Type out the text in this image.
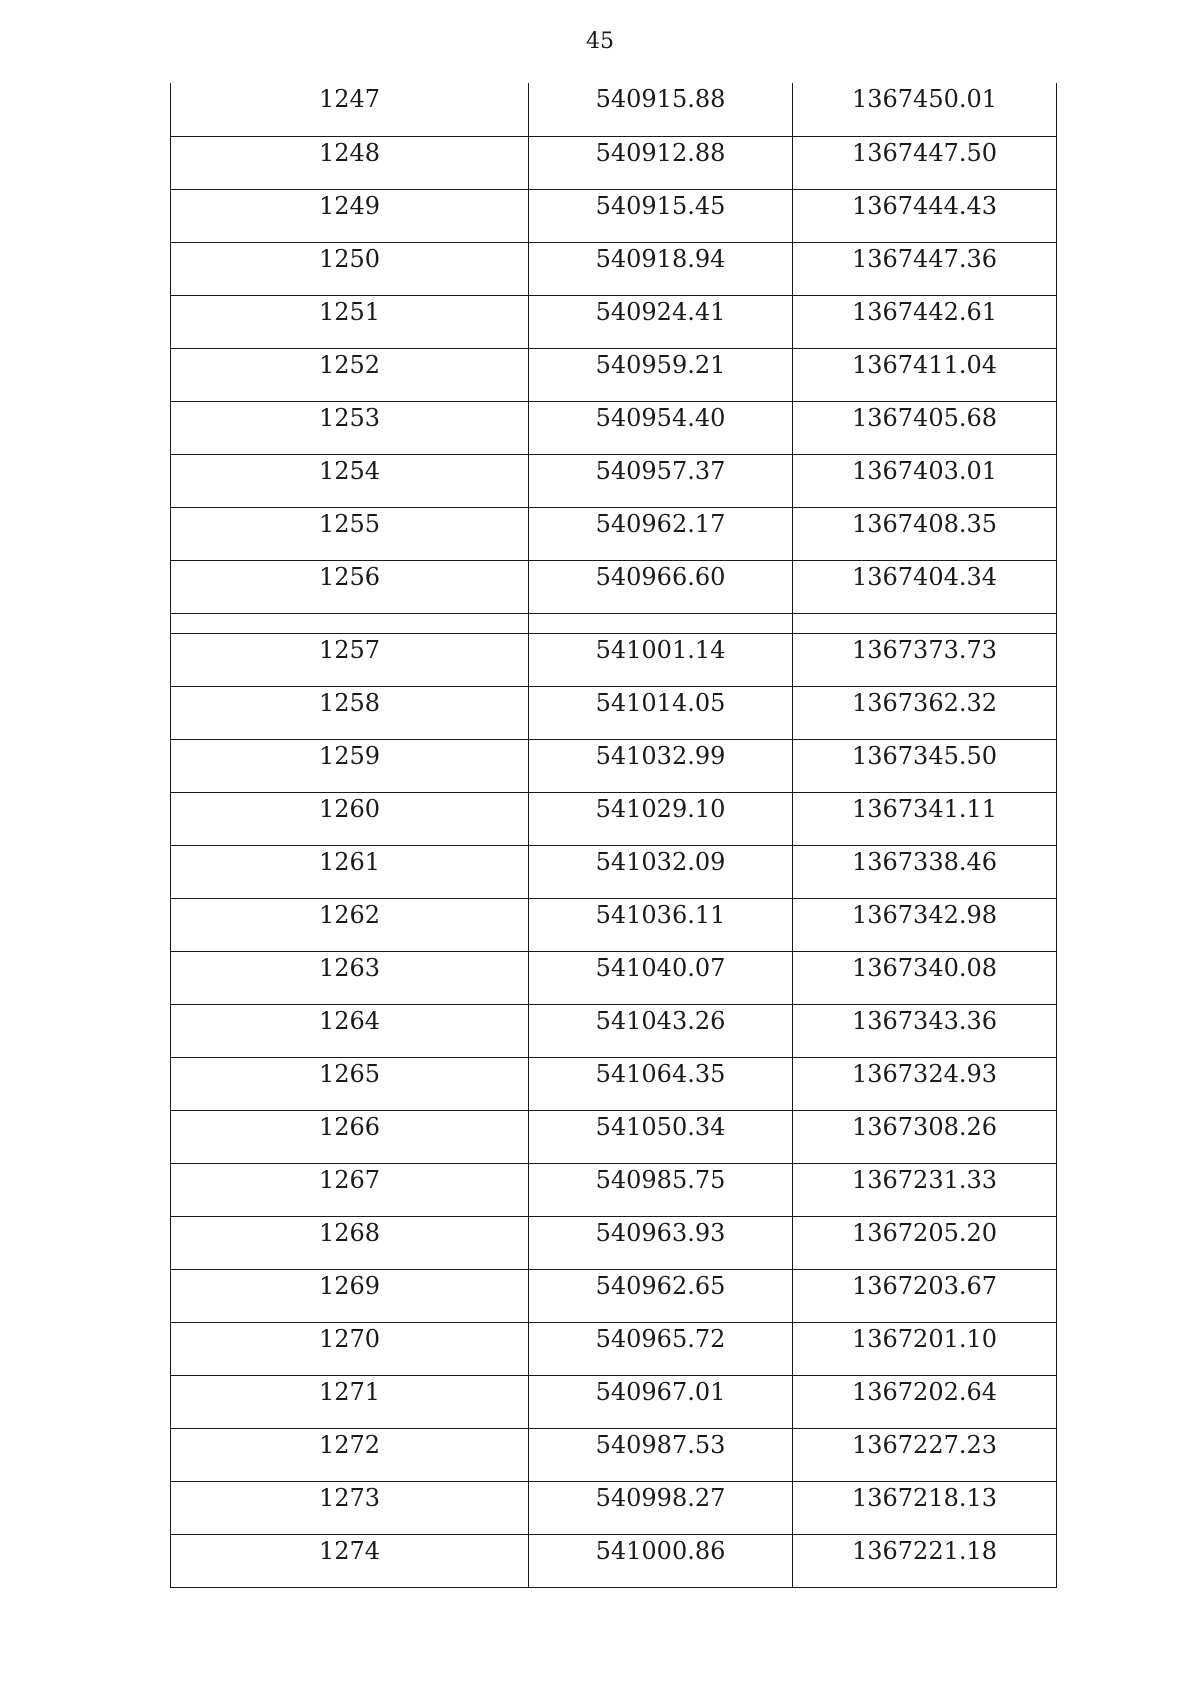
45
1247	540915.88	1367450.01
1248	540912.88	1367447.50
1249	540915.45	1367444.43
1250	540918.94	1367447.36
1251	540924.41	1367442.61
1252	540959.21	1367411.04
1253	540954.40	1367405.68
1254	540957.37	1367403.01
1255	540962.17	1367408.35
1256	540966.60	1367404.34

1257	541001.14	1367373.73
1258	541014.05	1367362.32
1259	541032.99	1367345.50
1260	541029.10	1367341.11
1261	541032.09	1367338.46
1262	541036.11	1367342.98
1263	541040.07	1367340.08
1264	541043.26	1367343.36
1265	541064.35	1367324.93
1266	541050.34	1367308.26
1267	540985.75	1367231.33
1268	540963.93	1367205.20
1269	540962.65	1367203.67
1270	540965.72	1367201.10
1271	540967.01	1367202.64
1272	540987.53	1367227.23
1273	540998.27	1367218.13
1274	541000.86	1367221.18
